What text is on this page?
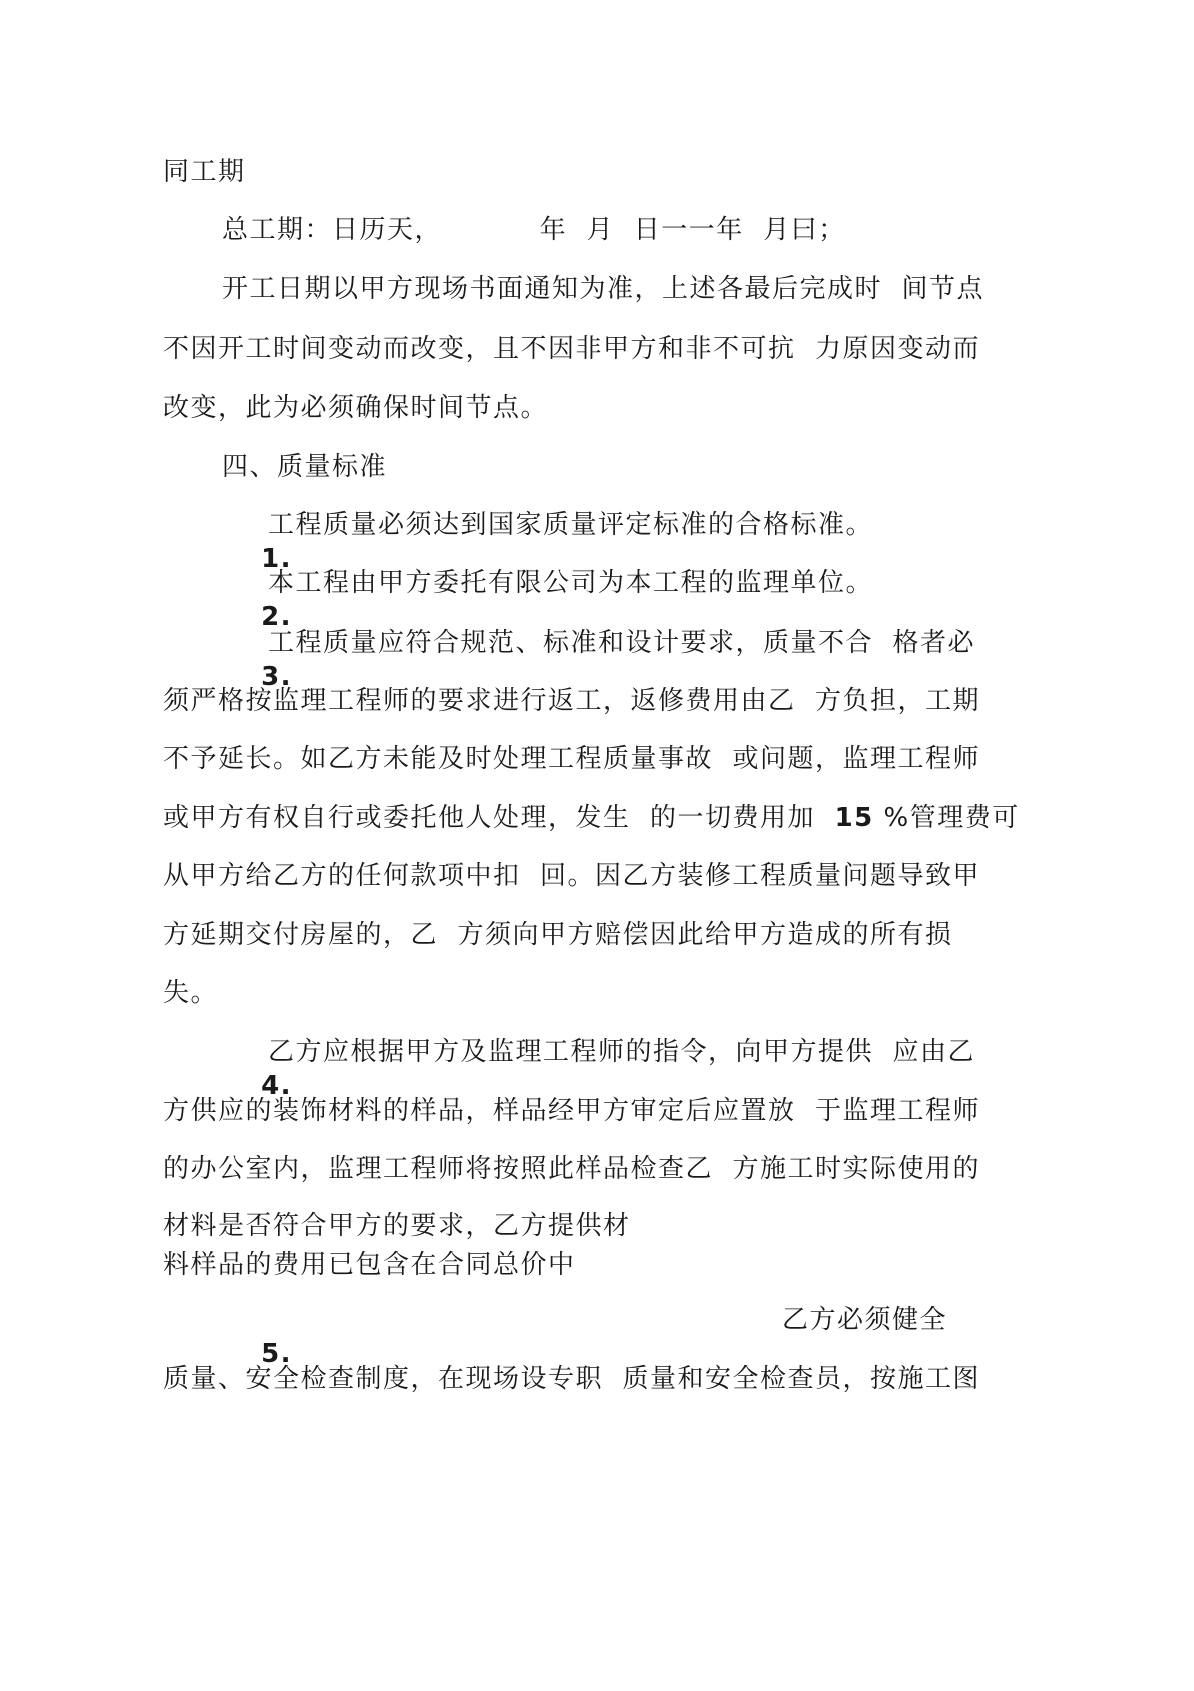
同工期
总工期：日历天，          年  月  日一一年  月曰；
开工日期以甲方现场书面通知为准，上述各最后完成时  间节点
不因开工时间变动而改变，且不因非甲方和非不可抗  力原因变动而
改变，此为必须确保时间节点。
四、质量标准

1.

工程质量必须达到国家质量评定标准的合格标准。

2.

本工程由甲方委托有限公司为本工程的监理单位。

3.

工程质量应符合规范、标准和设计要求，质量不合  格者必

须严格按监理工程师的要求进行返工，返修费用由乙  方负担，工期
不予延长。如乙方未能及时处理工程质量事故  或问题，监理工程师
或甲方有权自行或委托他人处理，发生  的一切费用加  15 %管理费可
从甲方给乙方的任何款项中扣  回。因乙方装修工程质量问题导致甲
方延期交付房屋的，乙  方须向甲方赔偿因此给甲方造成的所有损
失。

4.

乙方应根据甲方及监理工程师的指令，向甲方提供  应由乙

方供应的装饰材料的样品，样品经甲方审定后应置放  于监理工程师
的办公室内，监理工程师将按照此样品检查乙  方施工时实际使用的
材料是否符合甲方的要求，乙方提供材
料样品的费用已包含在合同总价中

5.

乙方必须健全
质量、安全检查制度，在现场设专职  质量和安全检查员，按施工图
